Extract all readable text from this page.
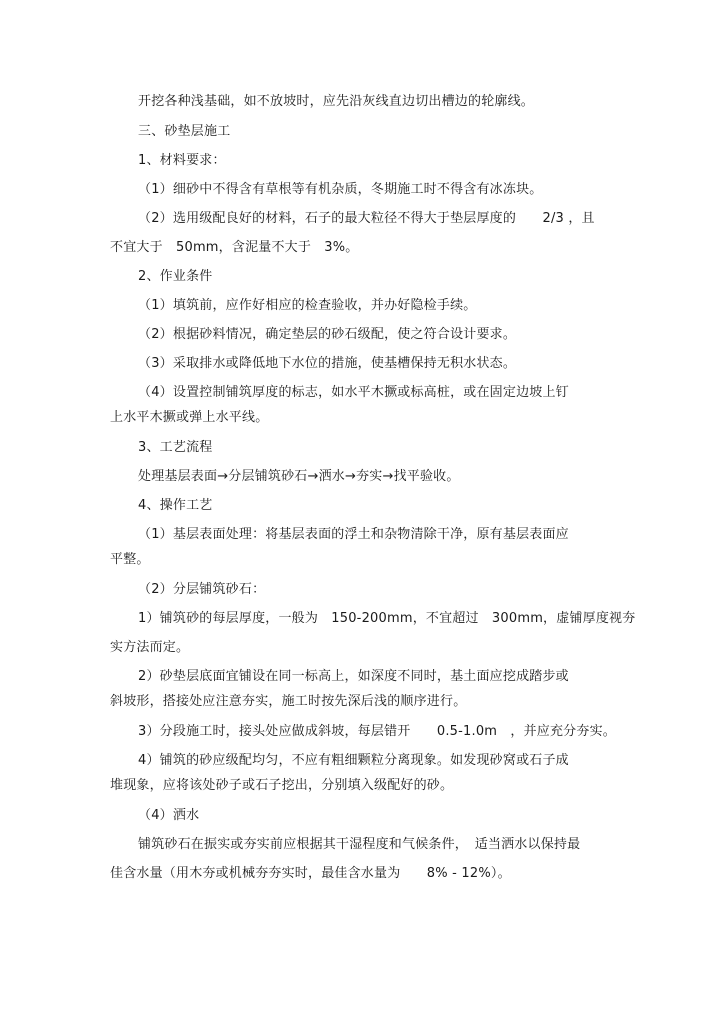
开挖各种浅基础，如不放坡时，应先沿灰线直边切出槽边的轮廓线。
三、砂垫层施工
1、材料要求：
（1）细砂中不得含有草根等有机杂质，冬期施工时不得含有冰冻块。
（2）选用级配良好的材料，石子的最大粒径不得大于垫层厚度的　　2/3 ，且
不宜大于　50mm，含泥量不大于　3%。
2、作业条件
（1）填筑前，应作好相应的检查验收，并办好隐检手续。
（2）根据砂料情况，确定垫层的砂石级配，使之符合设计要求。
（3）采取排水或降低地下水位的措施，使基槽保持无积水状态。
（4）设置控制铺筑厚度的标志，如水平木撅或标高桩，或在固定边坡上钉
上水平木撅或弹上水平线。
3、工艺流程
处理基层表面→分层铺筑砂石→洒水→夯实→找平验收。
4、操作工艺
（1）基层表面处理：将基层表面的浮土和杂物清除干净，原有基层表面应
平整。
（2）分层铺筑砂石：
1）铺筑砂的每层厚度，一般为　150-200mm，不宜超过　300mm，虚铺厚度视夯
实方法而定。
2）砂垫层底面宜铺设在同一标高上，如深度不同时，基土面应挖成踏步或
斜坡形，搭接处应注意夯实，施工时按先深后浅的顺序进行。
3）分段施工时，接头处应做成斜坡，每层错开　　0.5-1.0m　，并应充分夯实。
4）铺筑的砂应级配均匀，不应有粗细颗粒分离现象。如发现砂窝或石子成
堆现象，应将该处砂子或石子挖出，分别填入级配好的砂。
（4）洒水
铺筑砂石在振实或夯实前应根据其干湿程度和气候条件，　适当洒水以保持最
佳含水量（用木夯或机械夯夯实时，最佳含水量为　　8% - 12%）。
